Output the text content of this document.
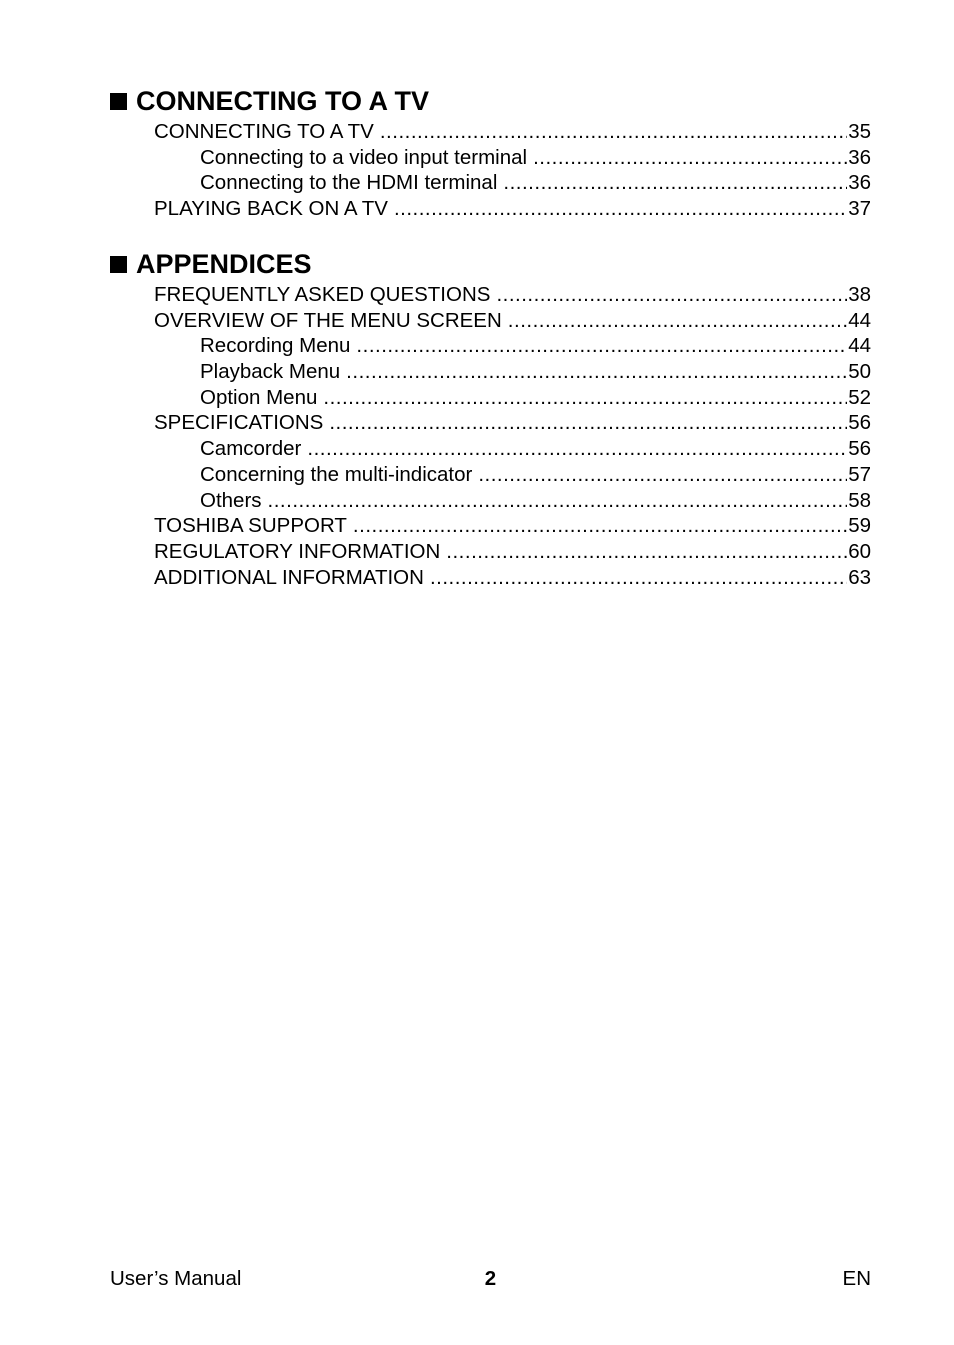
CONNECTING TO A TV
CONNECTING TO A TV .....	35
Connecting to a video input terminal .....	36
Connecting to the HDMI terminal .....	36
PLAYING BACK ON A TV .....	37
APPENDICES
FREQUENTLY ASKED QUESTIONS .....	38
OVERVIEW OF THE MENU SCREEN .....	44
Recording Menu .....	44
Playback Menu .....	50
Option Menu .....	52
SPECIFICATIONS .....	56
Camcorder .....	56
Concerning the multi-indicator .....	57
Others .....	58
TOSHIBA SUPPORT .....	59
REGULATORY INFORMATION .....	60
ADDITIONAL INFORMATION .....	63
User’s Manual	2	EN
